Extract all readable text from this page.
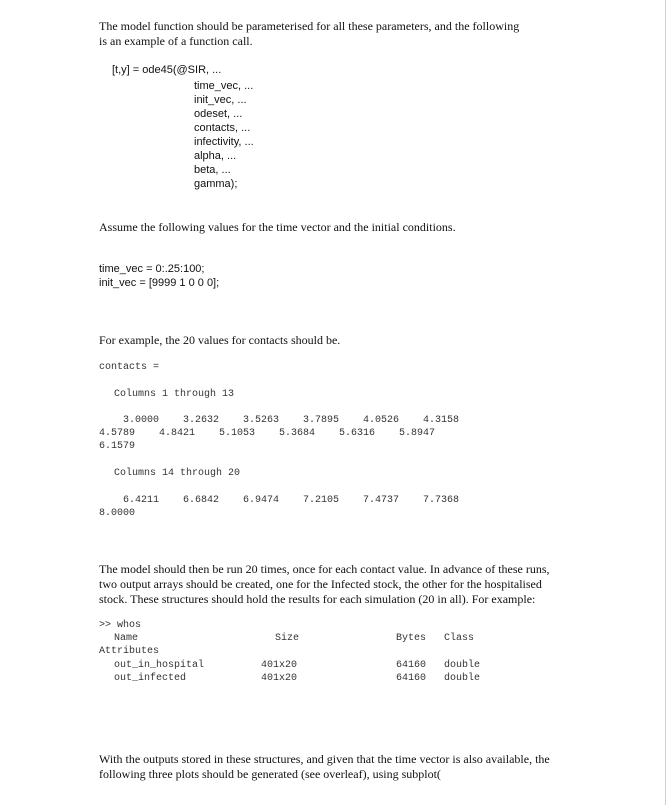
The model function should be parameterised for all these parameters, and the following
is an example of a function call.
[t,y] = ode45(@SIR, ...
time_vec, ...
init_vec, ...
odeset, ...
contacts, ...
infectivity, ...
alpha, ...
beta, ...
gamma);
Assume the following values for the time vector and the initial conditions.
time_vec = 0:.25:100;
init_vec = [9999 1 0 0 0];
For example, the 20 values for contacts should be.
contacts =
Columns 1 through 13
3.0000    3.2632    3.5263    3.7895    4.0526    4.3158
4.5789    4.8421    5.1053    5.3684    5.6316    5.8947
6.1579
Columns 14 through 20
6.4211    6.6842    6.9474    7.2105    7.4737    7.7368
8.0000
The model should then be run 20 times, once for each contact value. In advance of these runs,
two output arrays should be created, one for the Infected stock, the other for the hospitalised
stock. These structures should hold the results for each simulation (20 in all). For example:
>> whos
Name	Size	Bytes Class
Attributes
out_in_hospital	401x20	64160 double
out_infected	401x20	64160 double
With the outputs stored in these structures, and given that the time vector is also available, the
following three plots should be generated (see overleaf), using subplot(
